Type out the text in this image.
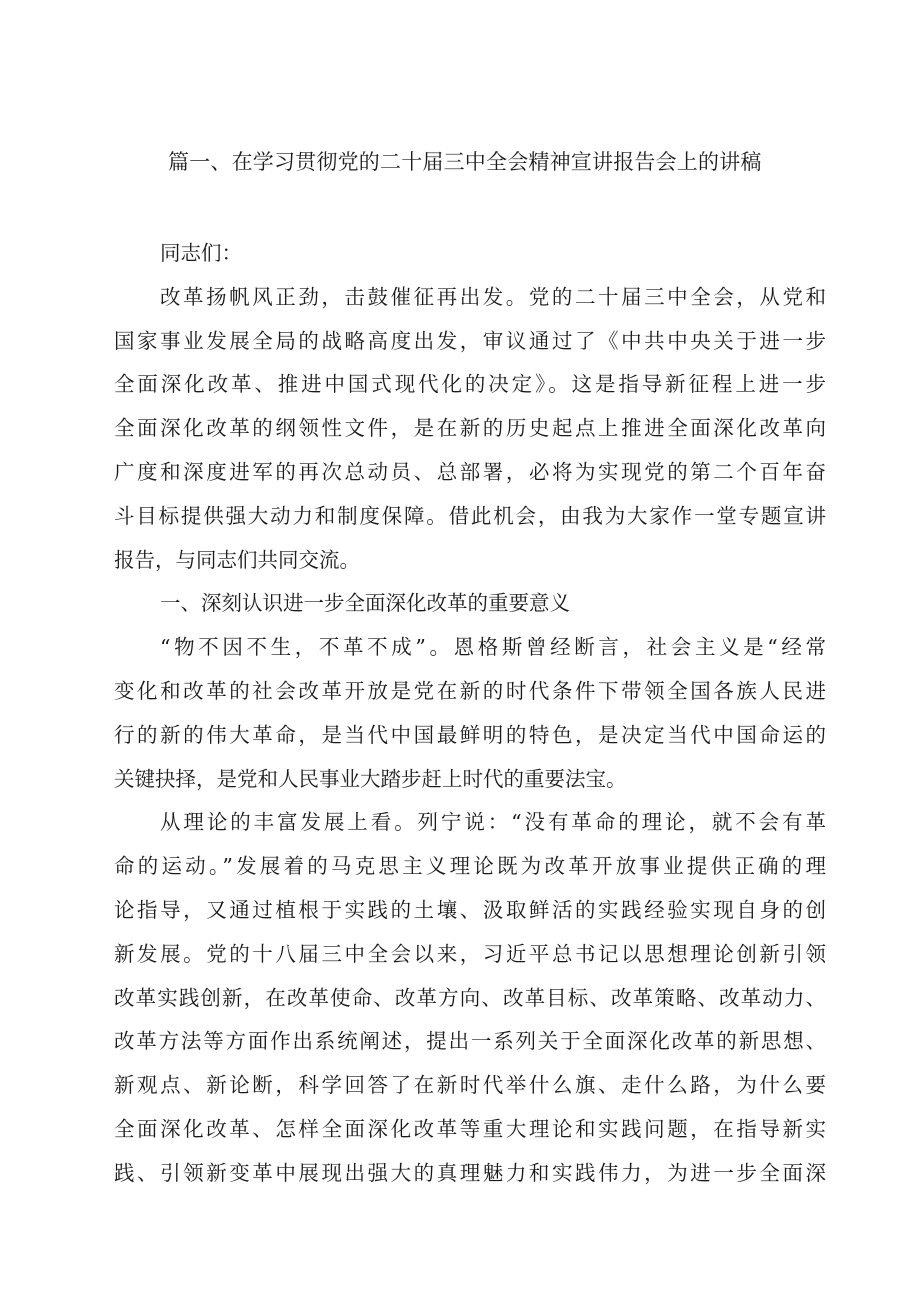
篇一、在学习贯彻党的二十届三中全会精神宣讲报告会上的讲稿
同志们：
改革扬帆风正劲，击鼓催征再出发。党的二十届三中全会，从党和
国家事业发展全局的战略高度出发，审议通过了《中共中央关于进一步
全面深化改革、推进中国式现代化的决定》。这是指导新征程上进一步
全面深化改革的纲领性文件，是在新的历史起点上推进全面深化改革向
广度和深度进军的再次总动员、总部署，必将为实现党的第二个百年奋
斗目标提供强大动力和制度保障。借此机会，由我为大家作一堂专题宣讲
报告，与同志们共同交流。
一、深刻认识进一步全面深化改革的重要意义
“物不因不生，不革不成”。恩格斯曾经断言，社会主义是“经常
变化和改革的社会改革开放是党在新的时代条件下带领全国各族人民进
行的新的伟大革命，是当代中国最鲜明的特色，是决定当代中国命运的
关键抉择，是党和人民事业大踏步赶上时代的重要法宝。
从理论的丰富发展上看。列宁说：“没有革命的理论，就不会有革
命的运动。”发展着的马克思主义理论既为改革开放事业提供正确的理
论指导，又通过植根于实践的土壤、汲取鲜活的实践经验实现自身的创
新发展。党的十八届三中全会以来，习近平总书记以思想理论创新引领
改革实践创新，在改革使命、改革方向、改革目标、改革策略、改革动力、
改革方法等方面作出系统阐述，提出一系列关于全面深化改革的新思想、
新观点、新论断，科学回答了在新时代举什么旗、走什么路，为什么要
全面深化改革、怎样全面深化改革等重大理论和实践问题，在指导新实
践、引领新变革中展现出强大的真理魅力和实践伟力，为进一步全面深
